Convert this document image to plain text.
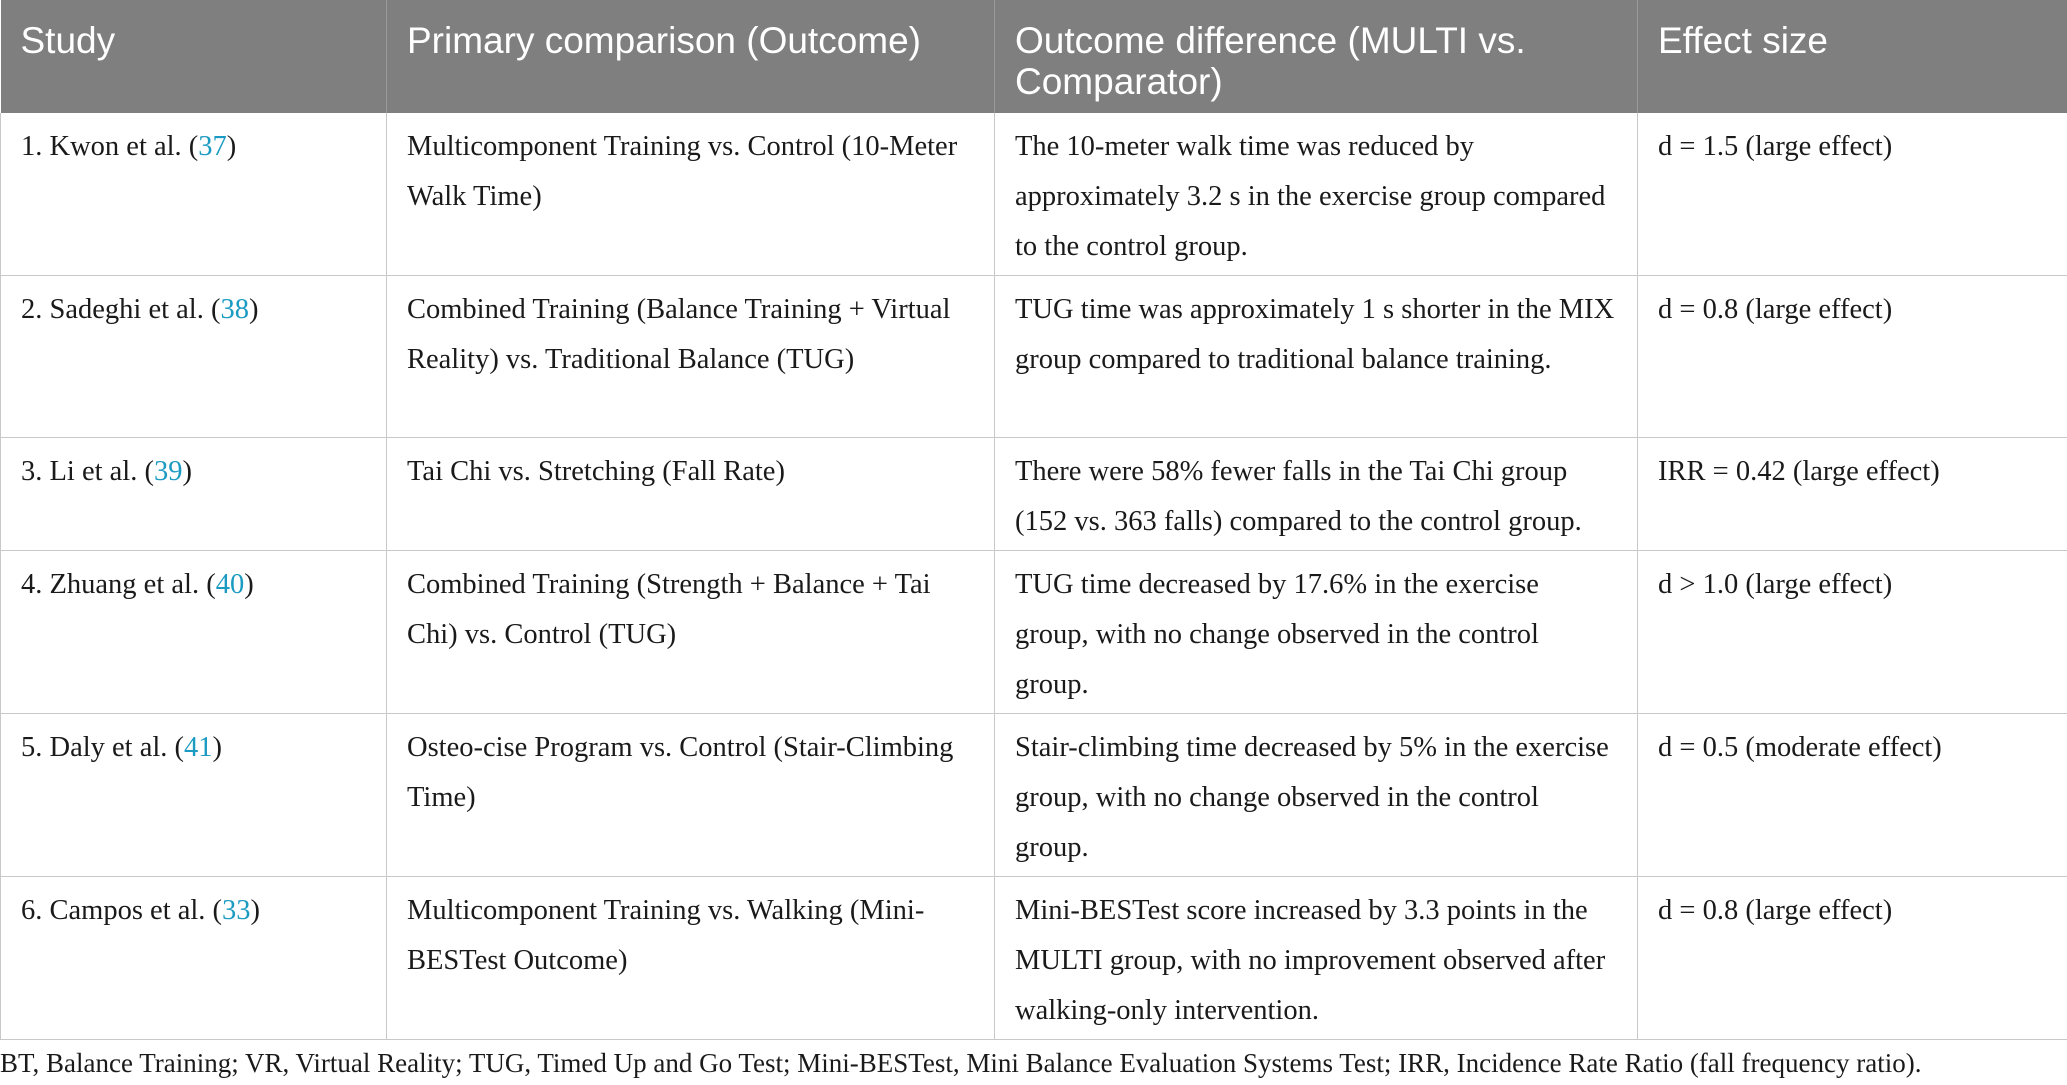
Study	Primary comparison (Outcome)	Outcome difference (MULTI vs. Comparator)	Effect size
1. Kwon et al. (37)	Multicomponent Training vs. Control (10-Meter Walk Time)	The 10-meter walk time was reduced by approximately 3.2 s in the exercise group compared to the control group.	d = 1.5 (large effect)
2. Sadeghi et al. (38)	Combined Training (Balance Training + Virtual Reality) vs. Traditional Balance (TUG)	TUG time was approximately 1 s shorter in the MIX group compared to traditional balance training.	d = 0.8 (large effect)
3. Li et al. (39)	Tai Chi vs. Stretching (Fall Rate)	There were 58% fewer falls in the Tai Chi group (152 vs. 363 falls) compared to the control group.	IRR = 0.42 (large effect)
4. Zhuang et al. (40)	Combined Training (Strength + Balance + Tai Chi) vs. Control (TUG)	TUG time decreased by 17.6% in the exercise group, with no change observed in the control group.	d > 1.0 (large effect)
5. Daly et al. (41)	Osteo-cise Program vs. Control (Stair-Climbing Time)	Stair-climbing time decreased by 5% in the exercise group, with no change observed in the control group.	d = 0.5 (moderate effect)
6. Campos et al. (33)	Multicomponent Training vs. Walking (Mini-BESTest Outcome)	Mini-BESTest score increased by 3.3 points in the MULTI group, with no improvement observed after walking-only intervention.	d = 0.8 (large effect)
BT, Balance Training; VR, Virtual Reality; TUG, Timed Up and Go Test; Mini-BESTest, Mini Balance Evaluation Systems Test; IRR, Incidence Rate Ratio (fall frequency ratio).
